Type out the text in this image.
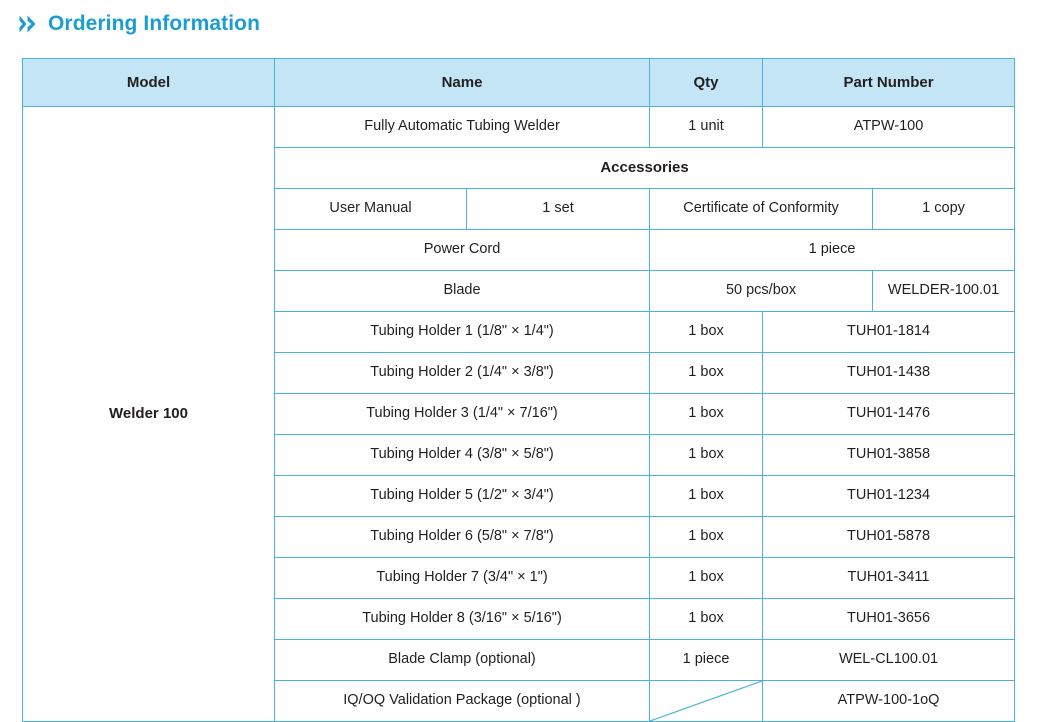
Ordering Information
Model	Name		Qty	Part Number	
Welder 100	Fully Automatic Tubing Welder		1 unit	ATPW-100	
	Accessories				
	User Manual	1 set	Certificate of Conformity		1 copy
	Power Cord		1 piece		
	Blade		50 pcs/box		WELDER-100.01
	Tubing Holder 1 (1/8" × 1/4")		1 box	TUH01-1814	
	Tubing Holder 2 (1/4" × 3/8")		1 box	TUH01-1438	
	Tubing Holder 3 (1/4" × 7/16")		1 box	TUH01-1476	
	Tubing Holder 4 (3/8" × 5/8")		1 box	TUH01-3858	
	Tubing Holder 5 (1/2" × 3/4")		1 box	TUH01-1234	
	Tubing Holder 6 (5/8" × 7/8")		1 box	TUH01-5878	
	Tubing Holder 7 (3/4" × 1")		1 box	TUH01-3411	
	Tubing Holder 8 (3/16" × 5/16")		1 box	TUH01-3656	
	Blade Clamp (optional)		1 piece	WEL-CL100.01	
	IQ/OQ Validation Package (optional )			ATPW-100-1oQ	
